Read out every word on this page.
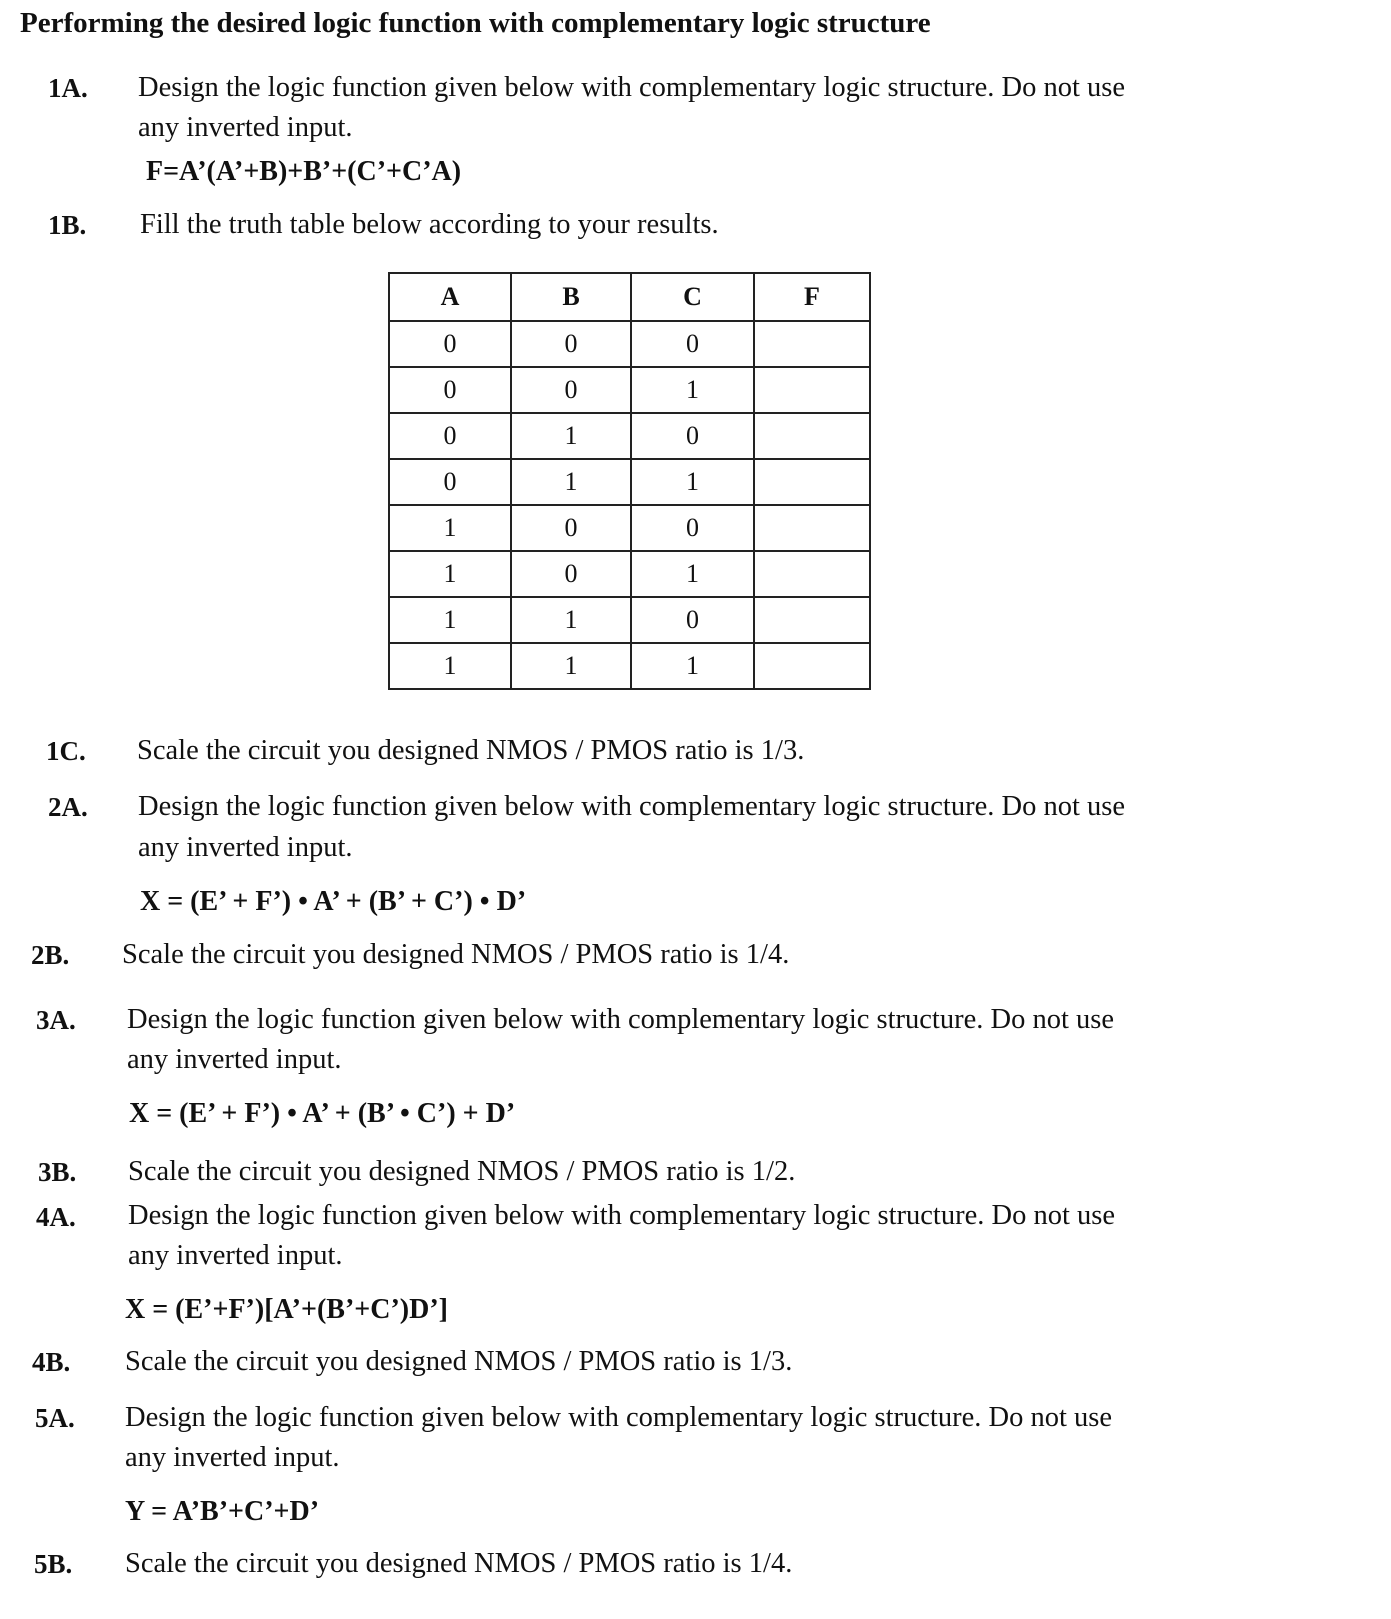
Performing the desired logic function with complementary logic structure
1A. Design the logic function given below with complementary logic structure. Do not use
any inverted input.
F=A’(A’+B)+B’+(C’+C’A)
1B. Fill the truth table below according to your results.
A	B	C	F
0	0	0	
0	0	1	
0	1	0	
0	1	1	
1	0	0	
1	0	1	
1	1	0	
1	1	1	
1C. Scale the circuit you designed NMOS / PMOS ratio is 1/3.
2A. Design the logic function given below with complementary logic structure. Do not use
any inverted input.
X = (E’ + F’) • A’ + (B’ + C’) • D’
2B. Scale the circuit you designed NMOS / PMOS ratio is 1/4.
3A. Design the logic function given below with complementary logic structure. Do not use
any inverted input.
X = (E’ + F’) • A’ + (B’ • C’) + D’
3B. Scale the circuit you designed NMOS / PMOS ratio is 1/2.
4A. Design the logic function given below with complementary logic structure. Do not use
any inverted input.
X = (E’+F’)[A’+(B’+C’)D’]
4B. Scale the circuit you designed NMOS / PMOS ratio is 1/3.
5A. Design the logic function given below with complementary logic structure. Do not use
any inverted input.
Y = A’B’+C’+D’
5B. Scale the circuit you designed NMOS / PMOS ratio is 1/4.
